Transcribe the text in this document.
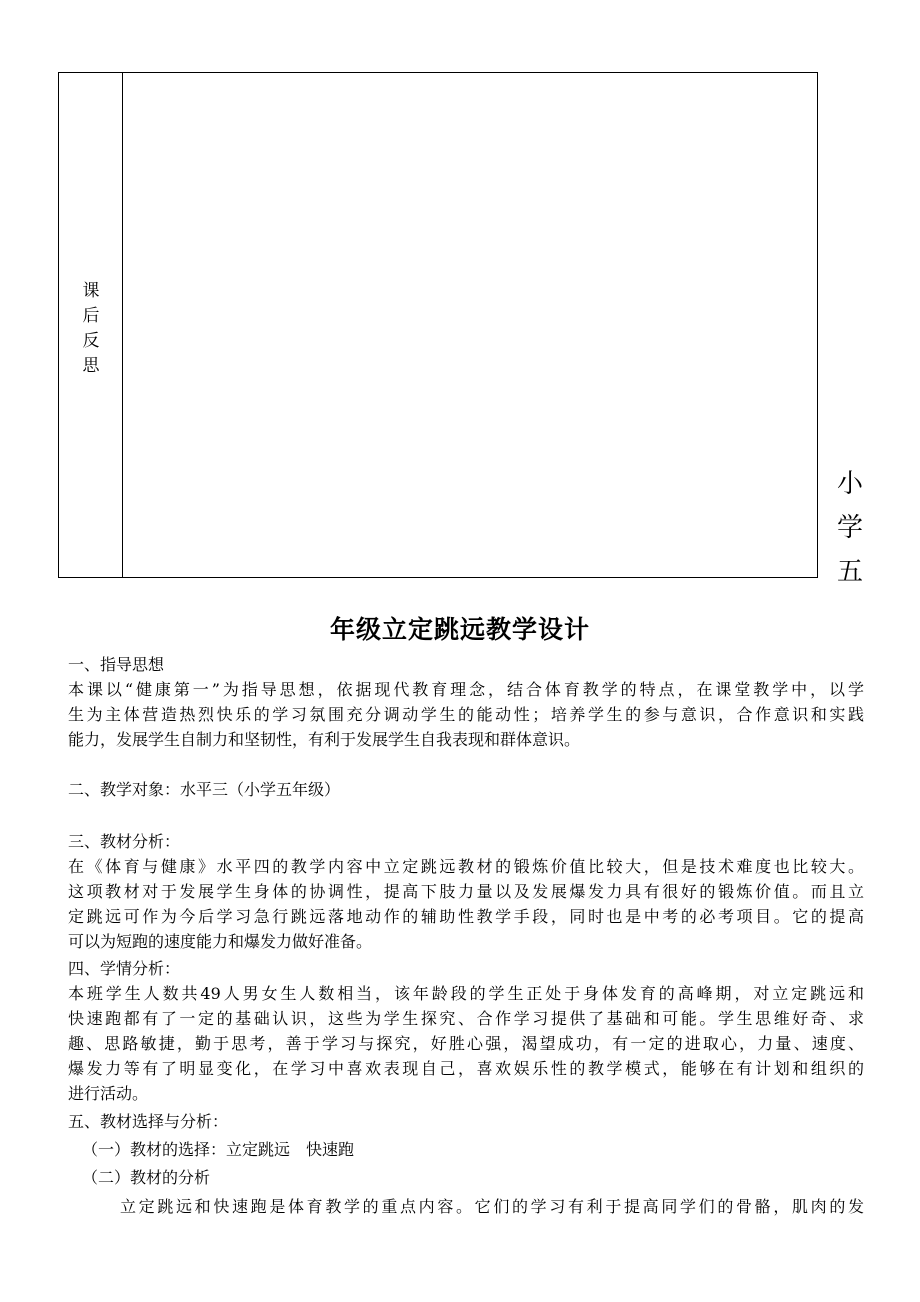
课
后
反
思
小
学
五
年级立定跳远教学设计

一、指导思想

本课以“健康第一”为指导思想，依据现代教育理念，结合体育教学的特点，在课堂教学中，以学

生为主体营造热烈快乐的学习氛围充分调动学生的能动性；培养学生的参与意识，合作意识和实践

能力，发展学生自制力和坚韧性，有利于发展学生自我表现和群体意识。

二、教学对象：水平三（小学五年级）

三、教材分析：

在《体育与健康》水平四的教学内容中立定跳远教材的锻炼价值比较大，但是技术难度也比较大。

这项教材对于发展学生身体的协调性，提高下肢力量以及发展爆发力具有很好的锻炼价值。而且立

定跳远可作为今后学习急行跳远落地动作的辅助性教学手段，同时也是中考的必考项目。它的提高

可以为短跑的速度能力和爆发力做好准备。

四、学情分析：

本班学生人数共49人男女生人数相当，该年龄段的学生正处于身体发育的高峰期，对立定跳远和

快速跑都有了一定的基础认识，这些为学生探究、合作学习提供了基础和可能。学生思维好奇、求

趣、思路敏捷，勤于思考，善于学习与探究，好胜心强，渴望成功，有一定的进取心，力量、速度、

爆发力等有了明显变化，在学习中喜欢表现自己，喜欢娱乐性的教学模式，能够在有计划和组织的

进行活动。

五、教材选择与分析：

（一）教材的选择：立定跳远　快速跑

（二）教材的分析

立定跳远和快速跑是体育教学的重点内容。它们的学习有利于提高同学们的骨骼，肌肉的发
